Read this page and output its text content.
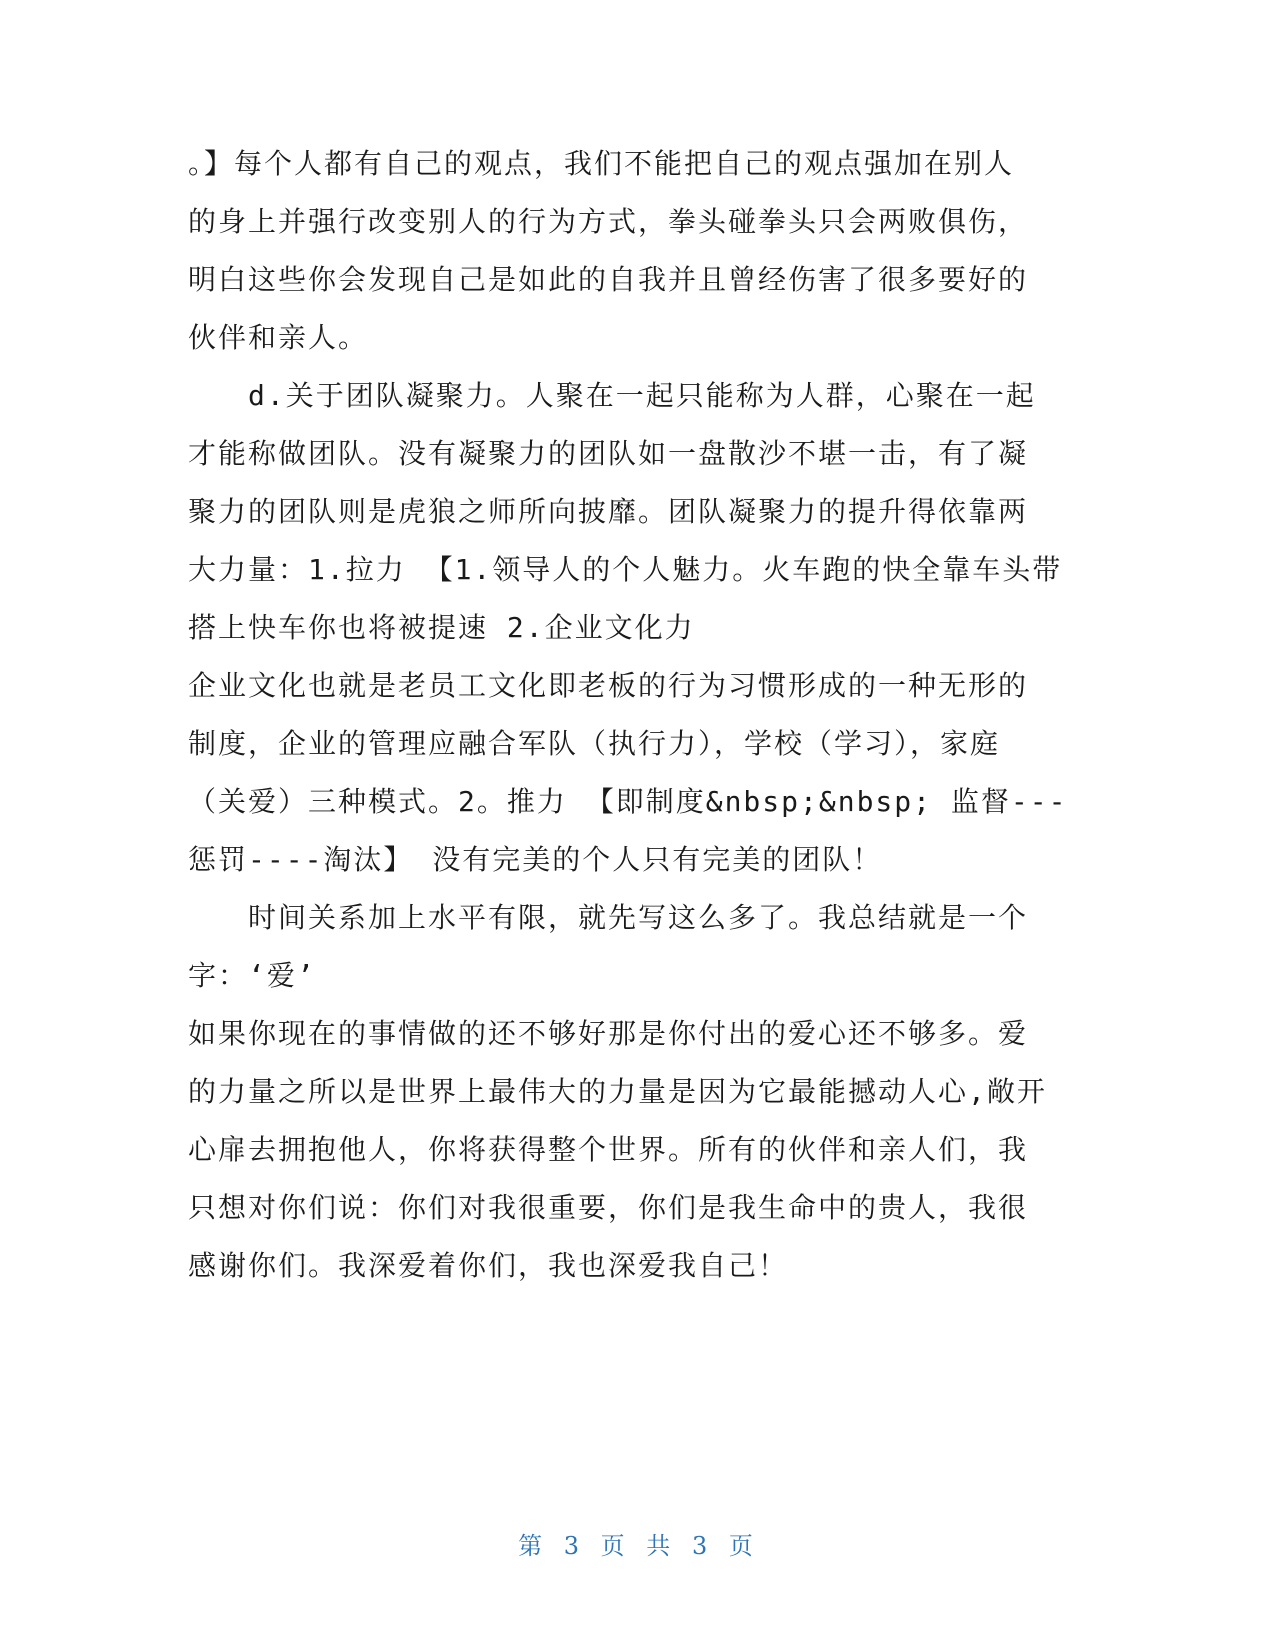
。】每个人都有自己的观点，我们不能把自己的观点强加在别人
的身上并强行改变别人的行为方式，拳头碰拳头只会两败俱伤，
明白这些你会发现自己是如此的自我并且曾经伤害了很多要好的
伙伴和亲人。
　　d.关于团队凝聚力。人聚在一起只能称为人群，心聚在一起
才能称做团队。没有凝聚力的团队如一盘散沙不堪一击，有了凝
聚力的团队则是虎狼之师所向披靡。团队凝聚力的提升得依靠两
大力量：1.拉力 【1.领导人的个人魅力。火车跑的快全靠车头带
搭上快车你也将被提速 2.企业文化力
企业文化也就是老员工文化即老板的行为习惯形成的一种无形的
制度，企业的管理应融合军队（执行力），学校（学习），家庭
（关爱）三种模式。2。推力 【即制度&nbsp;&nbsp; 监督---
惩罚----淘汰】 没有完美的个人只有完美的团队！
　　时间关系加上水平有限，就先写这么多了。我总结就是一个
字：‘爱’
如果你现在的事情做的还不够好那是你付出的爱心还不够多。爱
的力量之所以是世界上最伟大的力量是因为它最能撼动人心,敞开
心扉去拥抱他人，你将获得整个世界。所有的伙伴和亲人们，我
只想对你们说：你们对我很重要，你们是我生命中的贵人，我很
感谢你们。我深爱着你们，我也深爱我自己！
第 3 页 共 3 页
